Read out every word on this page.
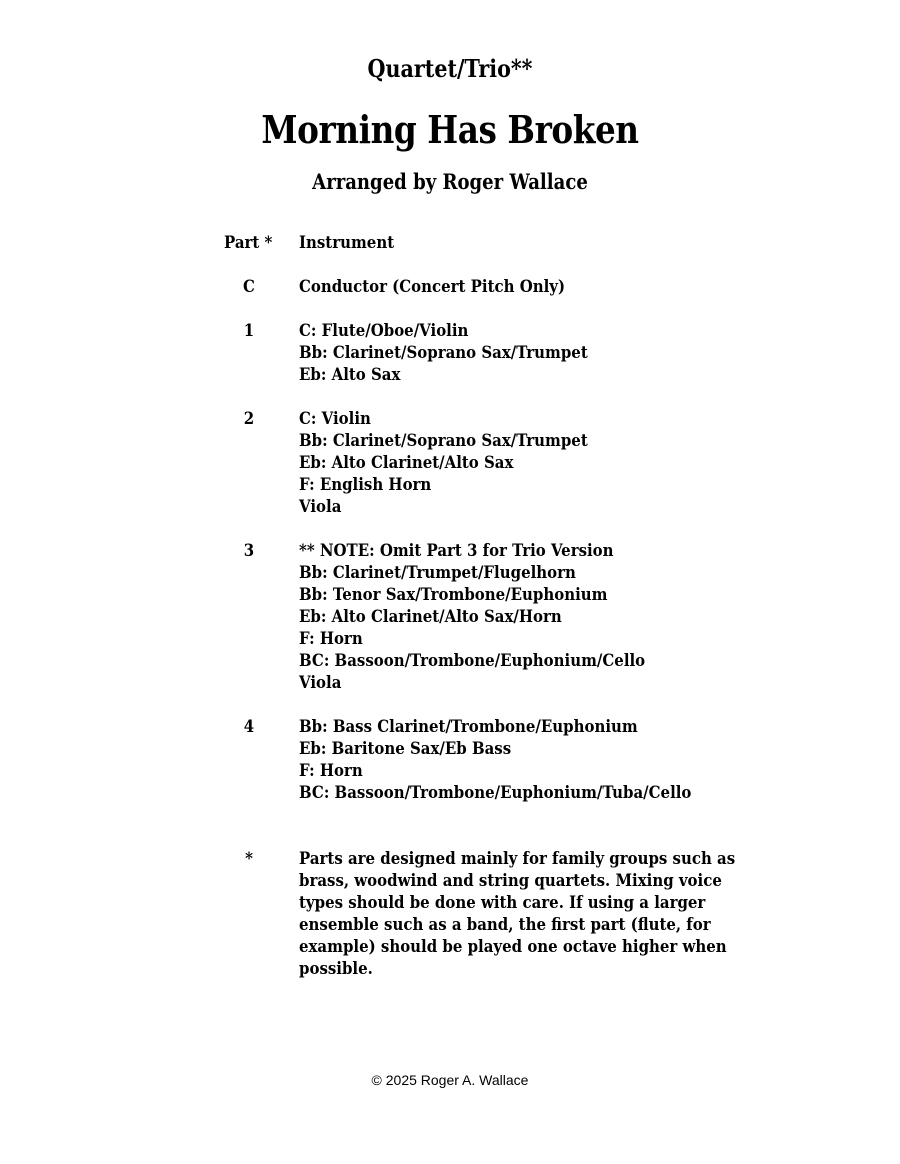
Quartet/Trio**
Morning Has Broken
Arranged by Roger Wallace
Part * Instrument
C	Conductor (Concert Pitch Only)
1	C: Flute/Oboe/Violin
Bb: Clarinet/Soprano Sax/Trumpet
Eb: Alto Sax
2	C: Violin
Bb: Clarinet/Soprano Sax/Trumpet
Eb: Alto Clarinet/Alto Sax
F: English Horn
Viola
3	** NOTE: Omit Part 3 for Trio Version
Bb: Clarinet/Trumpet/Flugelhorn
Bb: Tenor Sax/Trombone/Euphonium
Eb: Alto Clarinet/Alto Sax/Horn
F: Horn
BC: Bassoon/Trombone/Euphonium/Cello
Viola
4	Bb: Bass Clarinet/Trombone/Euphonium
Eb: Baritone Sax/Eb Bass
F: Horn
BC: Bassoon/Trombone/Euphonium/Tuba/Cello
*	Parts are designed mainly for family groups such as
brass, woodwind and string quartets. Mixing voice
types should be done with care. If using a larger
ensemble such as a band, the first part (flute, for
example) should be played one octave higher when
possible.
© 2025 Roger A. Wallace
